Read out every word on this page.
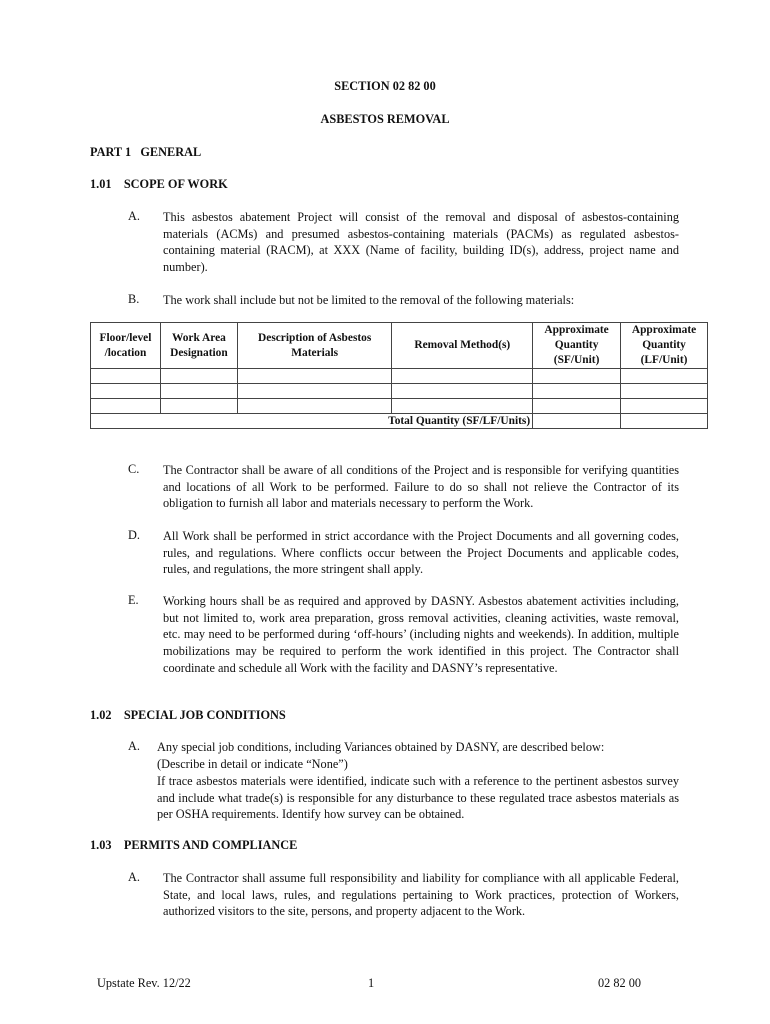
SECTION 02 82 00
ASBESTOS REMOVAL
PART 1   GENERAL
1.01    SCOPE OF WORK
A. This asbestos abatement Project will consist of the removal and disposal of asbestos-containing materials (ACMs) and presumed asbestos-containing materials (PACMs) as regulated asbestos-containing material (RACM), at XXX (Name of facility, building ID(s), address, project name and number).
B. The work shall include but not be limited to the removal of the following materials:
Floor/level /location	Work Area Designation	Description of Asbestos Materials	Removal Method(s)	Approximate Quantity (SF/Unit)	Approximate Quantity (LF/Unit)

Total Quantity (SF/LF/Units)					
C. The Contractor shall be aware of all conditions of the Project and is responsible for verifying quantities and locations of all Work to be performed. Failure to do so shall not relieve the Contractor of its obligation to furnish all labor and materials necessary to perform the Work.
D. All Work shall be performed in strict accordance with the Project Documents and all governing codes, rules, and regulations. Where conflicts occur between the Project Documents and applicable codes, rules, and regulations, the more stringent shall apply.
E. Working hours shall be as required and approved by DASNY. Asbestos abatement activities including, but not limited to, work area preparation, gross removal activities, cleaning activities, waste removal, etc. may need to be performed during ‘off-hours’ (including nights and weekends). In addition, multiple mobilizations may be required to perform the work identified in this project. The Contractor shall coordinate and schedule all Work with the facility and DASNY’s representative.
1.02    SPECIAL JOB CONDITIONS
A. Any special job conditions, including Variances obtained by DASNY, are described below:
(Describe in detail or indicate “None”)
If trace asbestos materials were identified, indicate such with a reference to the pertinent asbestos survey and include what trade(s) is responsible for any disturbance to these regulated trace asbestos materials as per OSHA requirements. Identify how survey can be obtained.
1.03    PERMITS AND COMPLIANCE
A. The Contractor shall assume full responsibility and liability for compliance with all applicable Federal, State, and local laws, rules, and regulations pertaining to Work practices, protection of Workers, authorized visitors to the site, persons, and property adjacent to the Work.
Upstate Rev. 12/22	1	02 82 00
